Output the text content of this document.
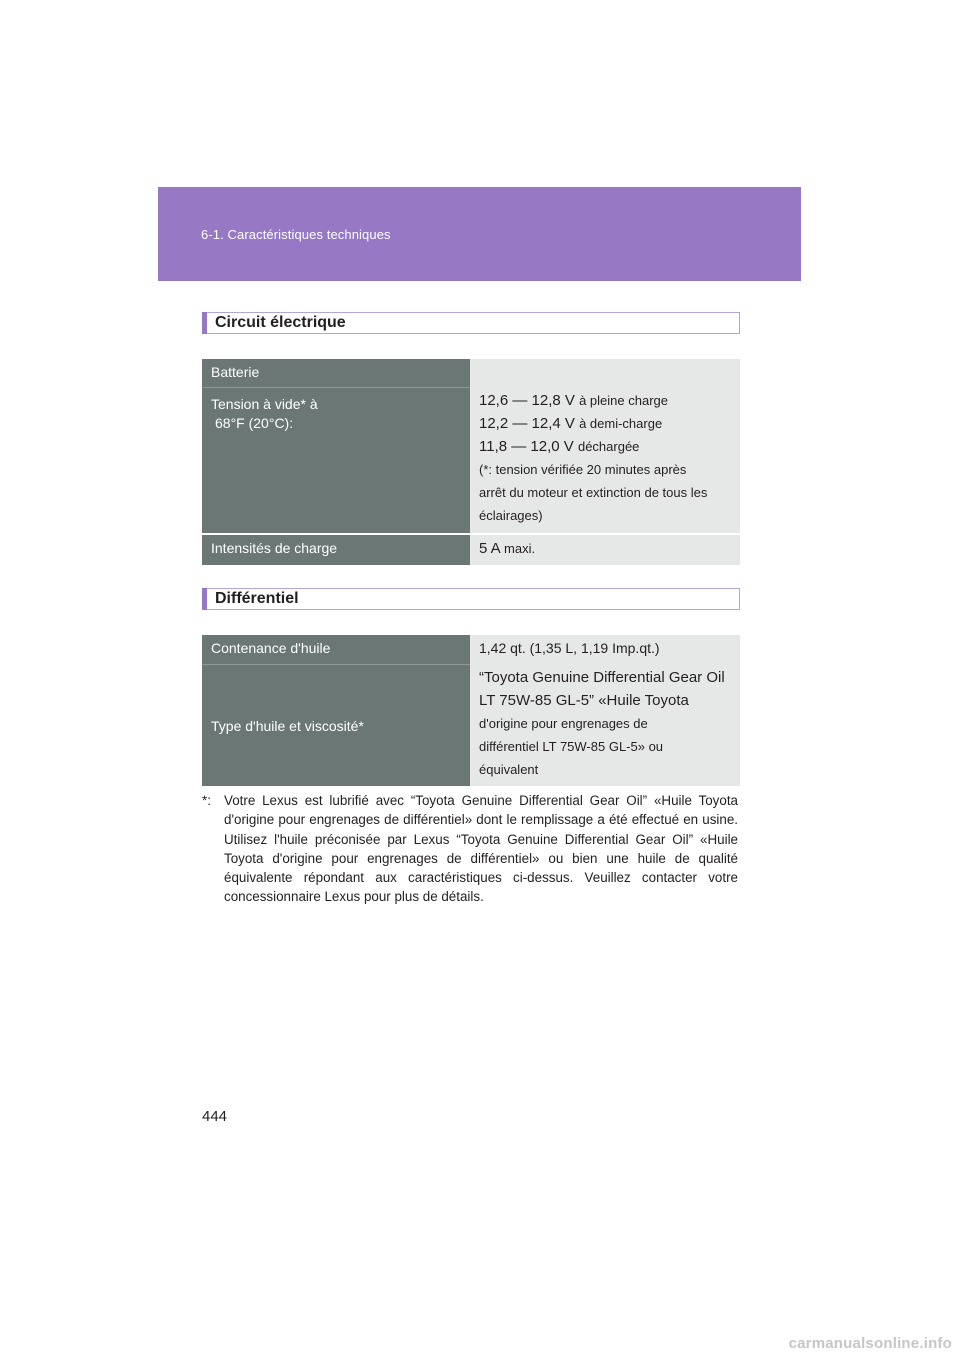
6-1. Caractéristiques techniques
Circuit électrique
Batterie
Tension à vide* à
68°F (20°C):
12,6 — 12,8 V à pleine charge
12,2 — 12,4 V à demi-charge
11,8 — 12,0 V déchargée
(*: tension vérifiée 20 minutes après
arrêt du moteur et extinction de tous les
éclairages)
Intensités de charge	5 A maxi.
Différentiel
Contenance d'huile	1,42 qt. (1,35 L, 1,19 Imp.qt.)
Type d'huile et viscosité*
“Toyota Genuine Differential Gear Oil
LT 75W-85 GL-5” «Huile Toyota
d'origine pour engrenages de
différentiel LT 75W-85 GL-5» ou
équivalent
*: Votre Lexus est lubrifié avec “Toyota Genuine Differential Gear Oil” «Huile Toyota d'origine pour engrenages de différentiel» dont le remplissage a été effectué en usine. Utilisez l'huile préconisée par Lexus “Toyota Genuine Differential Gear Oil” «Huile Toyota d'origine pour engrenages de différentiel» ou bien une huile de qualité équivalente répondant aux caractéristiques ci-dessus. Veuillez contacter votre concessionnaire Lexus pour plus de détails.
444
carmanualsonline.info
